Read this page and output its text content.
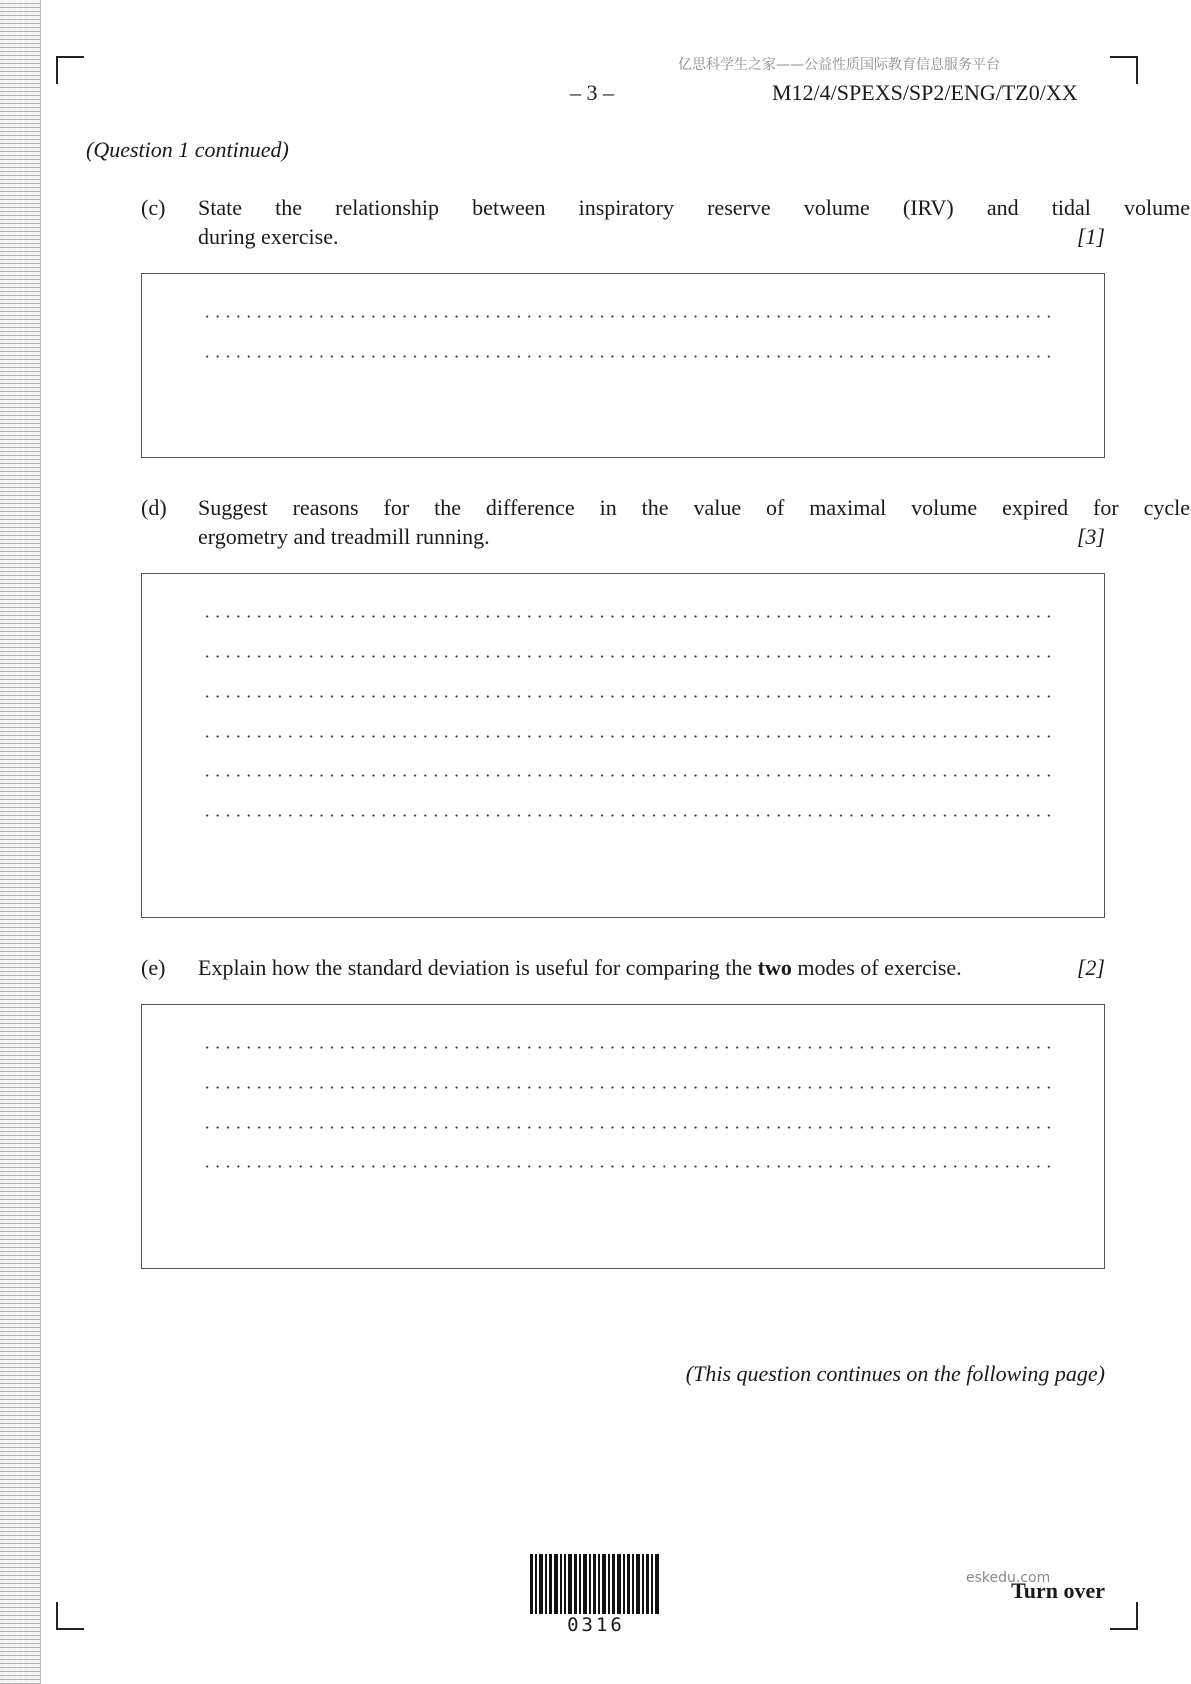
亿思科学生之家——公益性质国际教育信息服务平台
– 3 –	M12/4/SPEXS/SP2/ENG/TZ0/XX
(Question 1 continued)
(c) State the relationship between inspiratory reserve volume (IRV) and tidal volume
during exercise.	[1]
(d) Suggest reasons for the difference in the value of maximal volume expired for cycle
ergometry and treadmill running.	[3]
(e) Explain how the standard deviation is useful for comparing the two modes of exercise.	[2]
(This question continues on the following page)
0316
eskedu.com
Turn over
